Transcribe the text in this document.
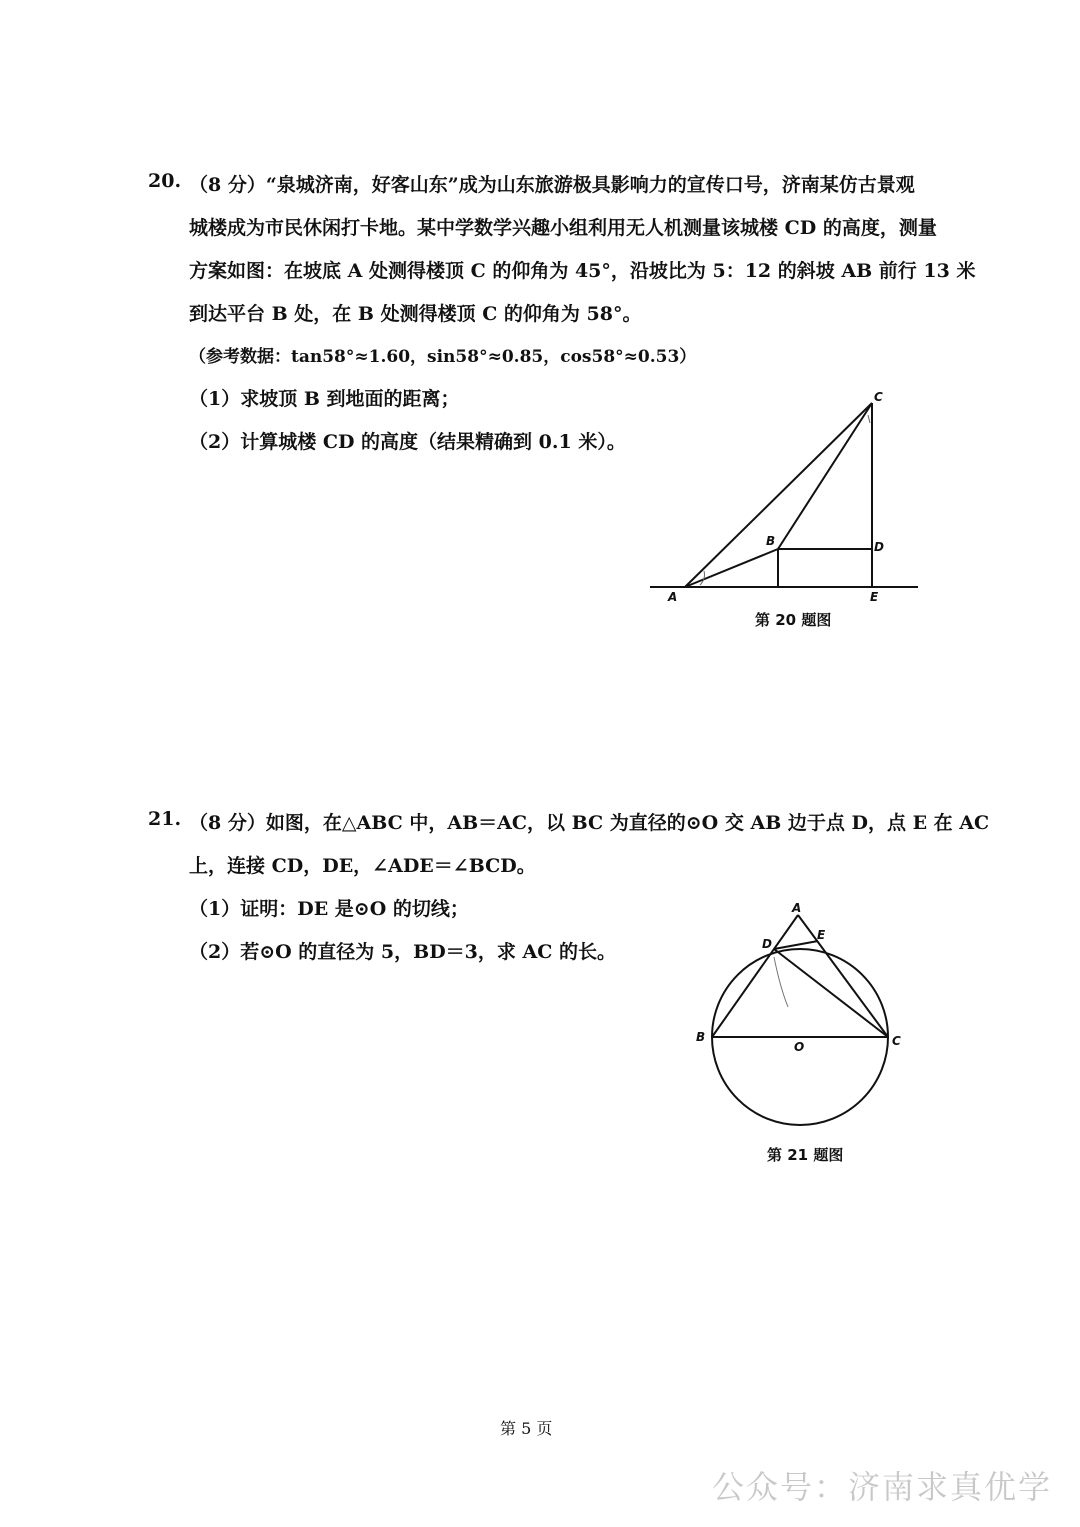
20. （8 分）“泉城济南，好客山东”成为山东旅游极具影响力的宣传口号，济南某仿古景观
城楼成为市民休闲打卡地。某中学数学兴趣小组利用无人机测量该城楼 CD 的高度，测量
方案如图：在坡底 A 处测得楼顶 C 的仰角为 45°，沿坡比为 5：12 的斜坡 AB 前行 13 米
到达平台 B 处，在 B 处测得楼顶 C 的仰角为 58°。
（参考数据：tan58°≈1.60，sin58°≈0.85，cos58°≈0.53）
（1）求坡顶 B 到地面的距离；
（2）计算城楼 CD 的高度（结果精确到 0.1 米）。
A
B
C
D
E
第 20 题图
21. （8 分）如图，在△ABC 中，AB＝AC，以 BC 为直径的⊙O 交 AB 边于点 D，点 E 在 AC
上，连接 CD，DE，∠ADE＝∠BCD。
（1）证明：DE 是⊙O 的切线；
（2）若⊙O 的直径为 5，BD＝3，求 AC 的长。
A
B	C
D
E
O
第 21 题图
第 5 页
公众号：济南求真优学
